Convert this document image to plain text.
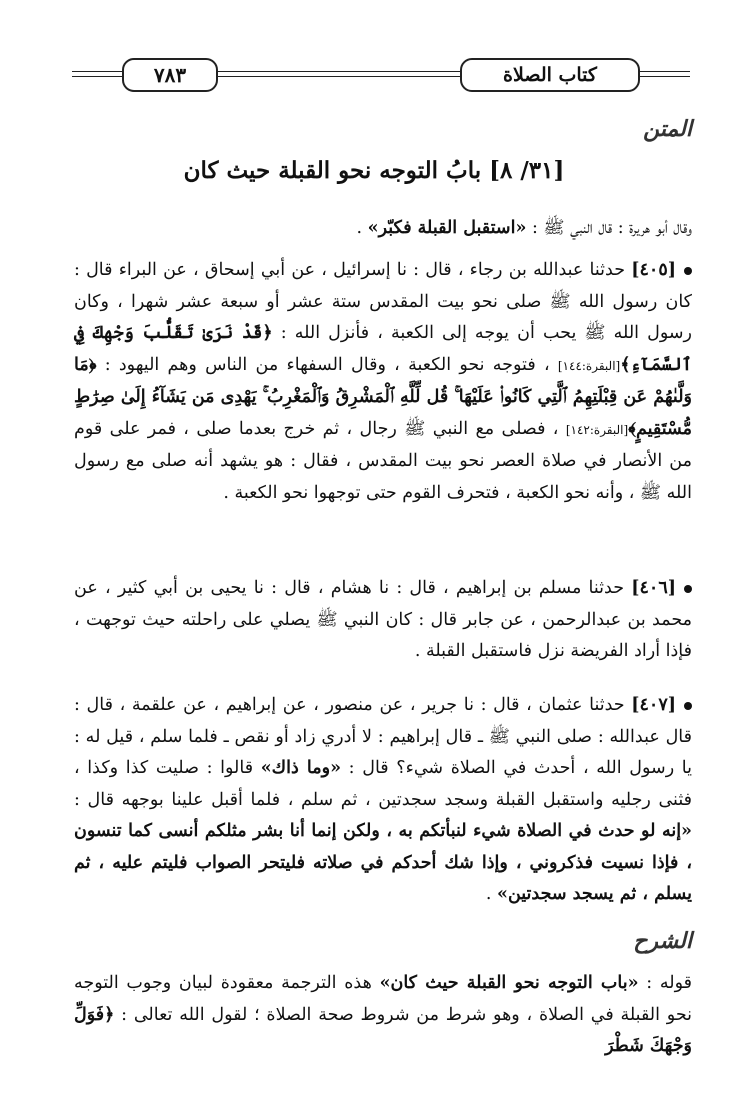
كتاب الصلاة
٧٨٣
المتن
[٣١/ ٨] بابُ التوجه نحو القبلة حيث كان
وقال أبو هريرة : قال النبي ﷺ : «استقبل القبلة فكبّر» .
[٤٠٥] حدثنا عبدالله بن رجاء ، قال : نا إسرائيل ، عن أبي إسحاق ، عن البراء قال : كان رسول الله ﷺ صلى نحو بيت المقدس ستة عشر أو سبعة عشر شهرا ، وكان رسول الله ﷺ يحب أن يوجه إلى الكعبة ، فأنزل الله : ﴿قَدْ نَرَىٰ تَقَلُّبَ وَجْهِكَ فِي ٱلسَّمَآءِ﴾[البقرة:١٤٤] ، فتوجه نحو الكعبة ، وقال السفهاء من الناس وهم اليهود : ﴿مَا وَلَّىٰهُمْ عَن قِبْلَتِهِمُ ٱلَّتِي كَانُوا۟ عَلَيْهَا ۚ قُل لِّلَّهِ ٱلْمَشْرِقُ وَٱلْمَغْرِبُ ۚ يَهْدِى مَن يَشَآءُ إِلَىٰ صِرَٰطٍ مُّسْتَقِيمٍ﴾[البقرة:١٤٢] ، فصلى مع النبي ﷺ رجال ، ثم خرج بعدما صلى ، فمر على قوم من الأنصار في صلاة العصر نحو بيت المقدس ، فقال : هو يشهد أنه صلى مع رسول الله ﷺ ، وأنه نحو الكعبة ، فتحرف القوم حتى توجهوا نحو الكعبة .
[٤٠٦] حدثنا مسلم بن إبراهيم ، قال : نا هشام ، قال : نا يحيى بن أبي كثير ، عن محمد بن عبدالرحمن ، عن جابر قال : كان النبي ﷺ يصلي على راحلته حيث توجهت ، فإذا أراد الفريضة نزل فاستقبل القبلة .
[٤٠٧] حدثنا عثمان ، قال : نا جرير ، عن منصور ، عن إبراهيم ، عن علقمة ، قال : قال عبدالله : صلى النبي ﷺ ـ قال إبراهيم : لا أدري زاد أو نقص ـ فلما سلم ، قيل له : يا رسول الله ، أحدث في الصلاة شيء؟ قال : «وما ذاك» قالوا : صليت كذا وكذا ، فثنى رجليه واستقبل القبلة وسجد سجدتين ، ثم سلم ، فلما أقبل علينا بوجهه قال : «إنه لو حدث في الصلاة شيء لنبأتكم به ، ولكن إنما أنا بشر مثلكم أنسى كما تنسون ، فإذا نسيت فذكروني ، وإذا شك أحدكم في صلاته فليتحر الصواب فليتم عليه ، ثم يسلم ، ثم يسجد سجدتين» .
الشرح
قوله : «باب التوجه نحو القبلة حيث كان» هذه الترجمة معقودة لبيان وجوب التوجه نحو القبلة في الصلاة ، وهو شرط من شروط صحة الصلاة ؛ لقول الله تعالى : ﴿فَوَلِّ وَجْهَكَ شَطْرَ
